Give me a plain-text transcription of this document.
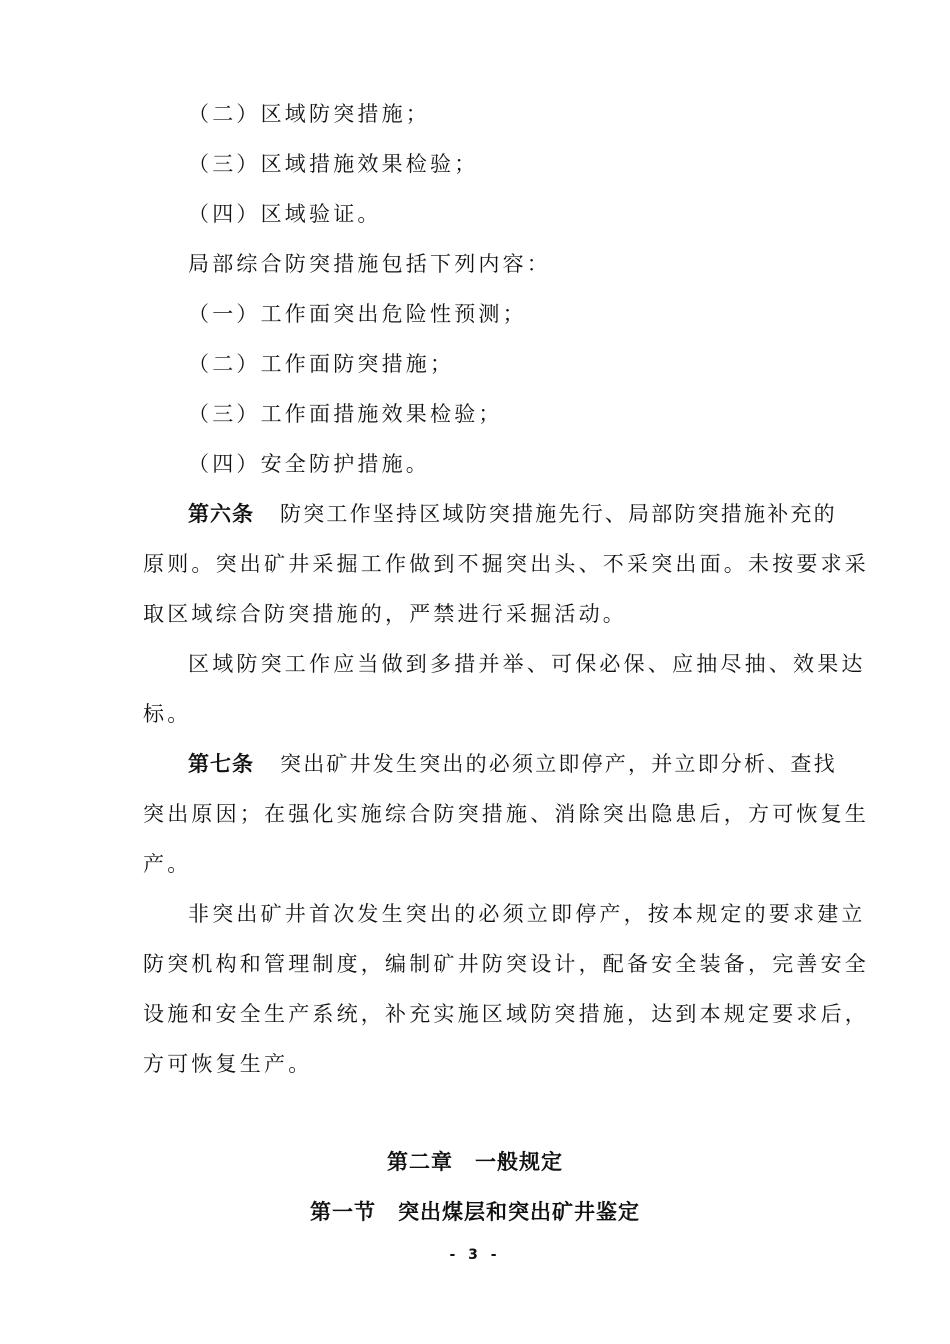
（二）区域防突措施；
（三）区域措施效果检验；
（四）区域验证。
局部综合防突措施包括下列内容：
（一）工作面突出危险性预测；
（二）工作面防突措施；
（三）工作面措施效果检验；
（四）安全防护措施。
第六条 防突工作坚持区域防突措施先行、局部防突措施补充的
原则。突出矿井采掘工作做到不掘突出头、不采突出面。未按要求采
取区域综合防突措施的，严禁进行采掘活动。
区域防突工作应当做到多措并举、可保必保、应抽尽抽、效果达
标。
第七条 突出矿井发生突出的必须立即停产，并立即分析、查找
突出原因；在强化实施综合防突措施、消除突出隐患后，方可恢复生
产。
非突出矿井首次发生突出的必须立即停产，按本规定的要求建立
防突机构和管理制度，编制矿井防突设计，配备安全装备，完善安全
设施和安全生产系统，补充实施区域防突措施，达到本规定要求后，
方可恢复生产。
第二章　一般规定
第一节　突出煤层和突出矿井鉴定
- 3 -
